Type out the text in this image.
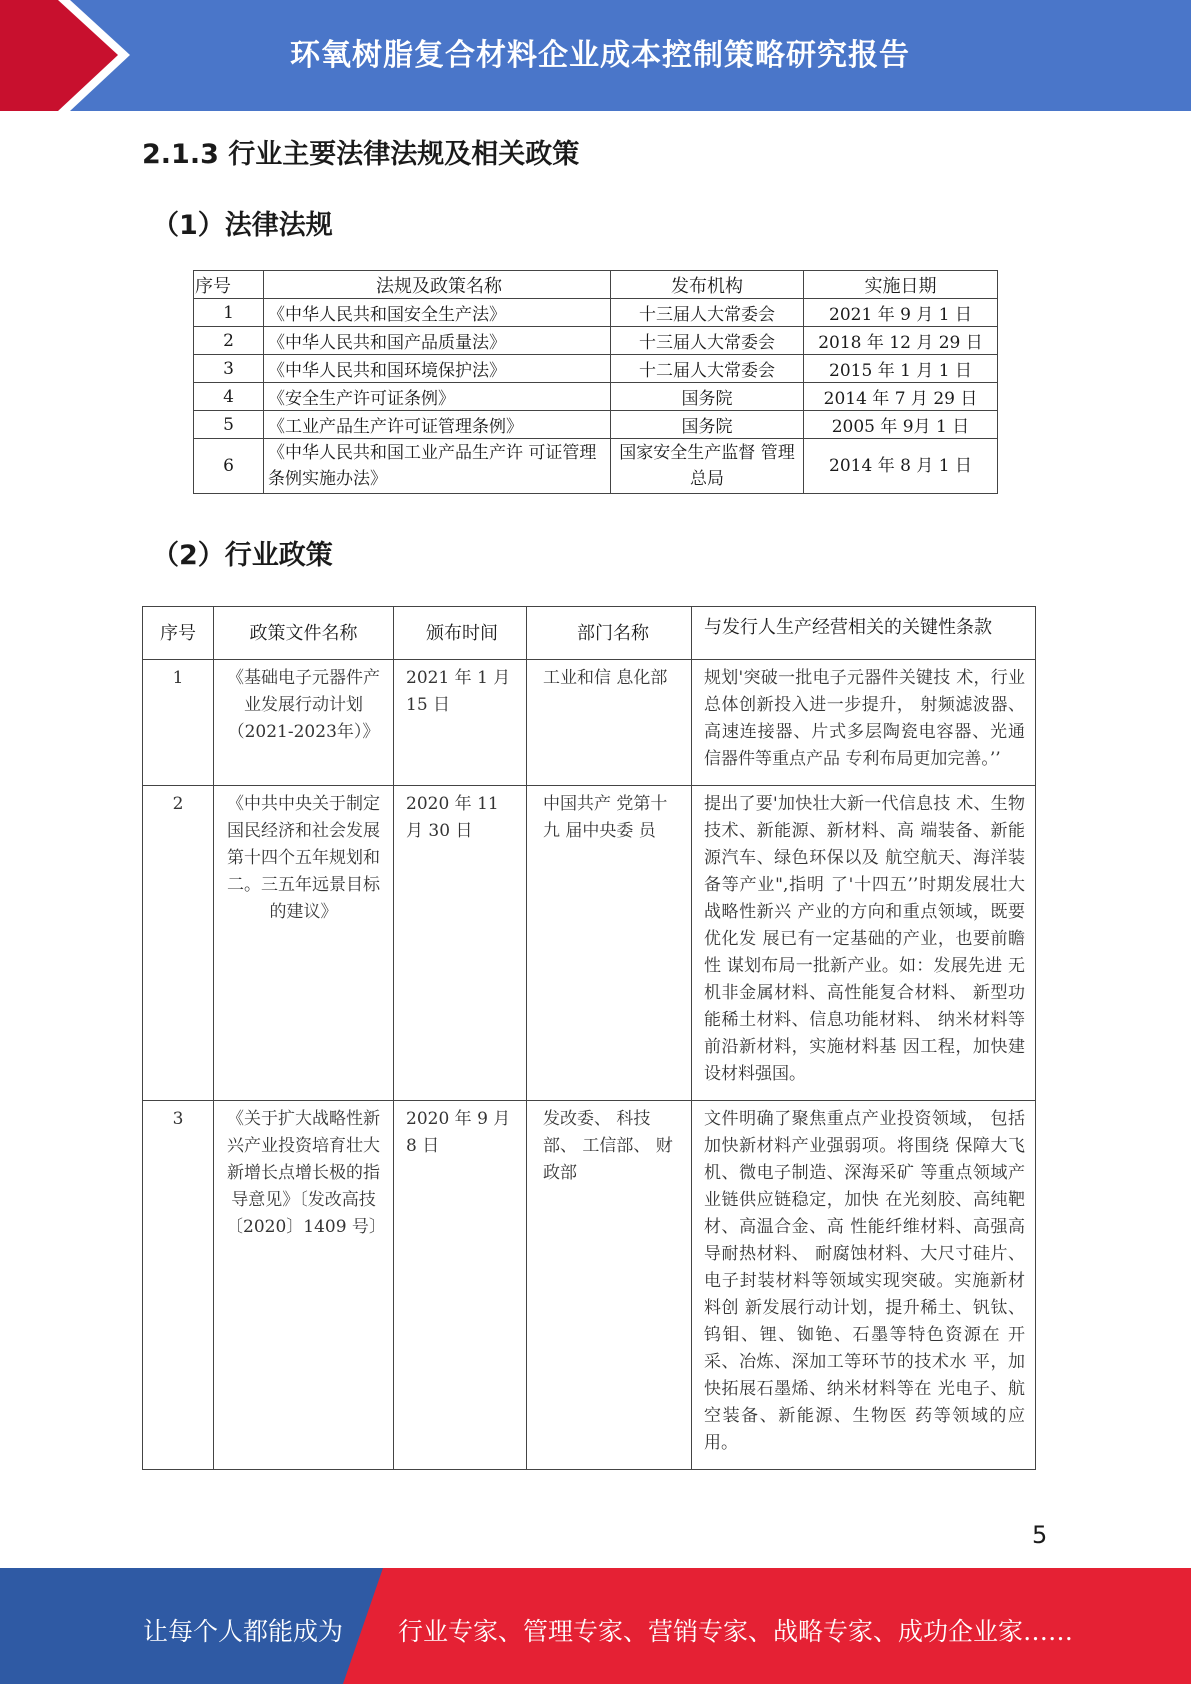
环氧树脂复合材料企业成本控制策略研究报告
2.1.3 行业主要法律法规及相关政策
（1）法律法规
序号	法规及政策名称	发布机构	实施日期
1	《中华人民共和国安全生产法》	十三届人大常委会	2021 年 9 月 1 日
2	《中华人民共和国产品质量法》	十三届人大常委会	2018 年 12 月 29 日
3	《中华人民共和国环境保护法》	十二届人大常委会	2015 年 1 月 1 日
4	《安全生产许可证条例》	国务院	2014 年 7 月 29 日
5	《工业产品生产许可证管理条例》	国务院	2005 年 9月 1 日
6	《中华人民共和国工业产品生产许 可证管理条例实施办法》	国家安全生产监督 管理总局	2014 年 8 月 1 日
（2）行业政策
序号	政策文件名称	颁布时间	部门名称	与发行人生产经营相关的关键性条款
1	《基础电子元器件产业发展行动计划（2021-2023年）》	2021 年 1 月 15 日	工业和信 息化部	规划'突破一批电子元器件关键技 术，行业总体创新投入进一步提升， 射频滤波器、高速连接器、片式多层陶瓷电容器、光通信器件等重点产品 专利布局更加完善。’’
2	《中共中央关于制定国民经济和社会发展第十四个五年规划和二。三五年远景目标的建议》	2020 年 11 月 30 日	中国共产 党第十九 届中央委 员	提出了要'加快壮大新一代信息技 术、生物技术、新能源、新材料、高 端装备、新能源汽车、绿色环保以及 航空航天、海洋装备等产业",指明 了'十四五’’时期发展壮大战略性新兴 产业的方向和重点领域，既要优化发 展已有一定基础的产业，也要前瞻性 谋划布局一批新产业。如：发展先进 无机非金属材料、高性能复合材料、 新型功能稀土材料、信息功能材料、 纳米材料等前沿新材料，实施材料基 因工程，加快建设材料强国。
3	《关于扩大战略性新兴产业投资培育壮大新增长点增长极的指导意见》〔发改高技〔2020〕1409 号〕	2020 年 9 月 8 日	发改委、 科技部、 工信部、 财政部	文件明确了聚焦重点产业投资领域， 包括加快新材料产业强弱项。将围绕 保障大飞机、微电子制造、深海采矿 等重点领域产业链供应链稳定，加快 在光刻胶、高纯靶材、高温合金、高 性能纤维材料、高强高导耐热材料、 耐腐蚀材料、大尺寸硅片、电子封装材料等领域实现突破。实施新材料创 新发展行动计划，提升稀土、钒钛、 钨钼、锂、铷铯、石墨等特色资源在 开采、冶炼、深加工等环节的技术水 平，加快拓展石墨烯、纳米材料等在 光电子、航空装备、新能源、生物医 药等领域的应用。
5
让每个人都能成为 行业专家、管理专家、营销专家、战略专家、成功企业家……
